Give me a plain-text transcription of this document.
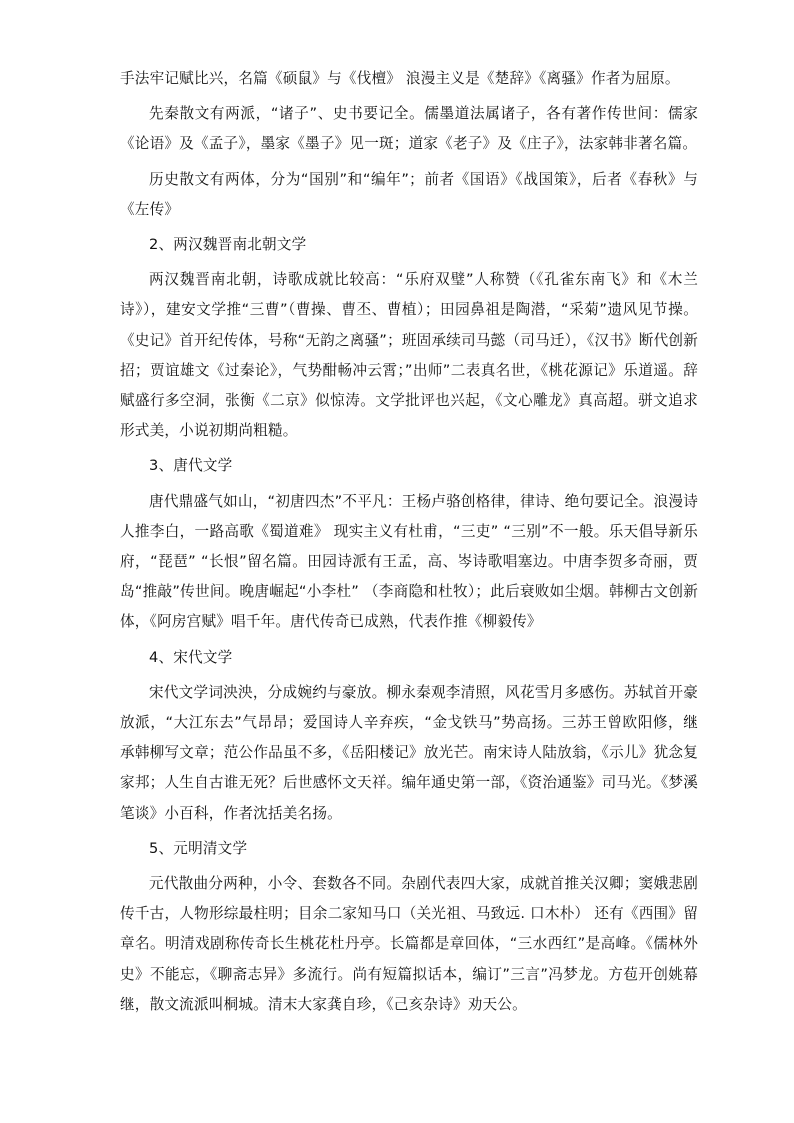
手法牢记赋比兴，名篇《硕鼠》与《伐檀》 浪漫主义是《楚辞》《离骚》作者为屈原。

先秦散文有两派，“诸子”、史书要记全。儒墨道法属诸子，各有著作传世间：儒家《论语》及《孟子》，墨家《墨子》见一斑；道家《老子》及《庄子》，法家韩非著名篇。

历史散文有两体，分为“国别”和“编年”；前者《国语》《战国策》，后者《春秋》与《左传》

2、两汉魏晋南北朝文学

两汉魏晋南北朝，诗歌成就比较高：“乐府双璧”人称赞（《孔雀东南飞》和《木兰诗》），建安文学推“三曹”（曹操、曹丕、曹植）；田园鼻祖是陶潜，“采菊”遗风见节操。《史记》首开纪传体，号称“无韵之离骚”；班固承续司马懿（司马迁），《汉书》断代创新招；贾谊雄文《过秦论》，气势酣畅冲云霄；”出师”二表真名世，《桃花源记》乐道遥。辞赋盛行多空洞，张衡《二京》似惊涛。文学批评也兴起，《文心雕龙》真高超。骈文追求形式美，小说初期尚粗糙。

3、唐代文学

唐代鼎盛气如山，“初唐四杰”不平凡：王杨卢骆创格律，律诗、绝句要记全。浪漫诗人推李白，一路高歌《蜀道难》 现实主义有杜甫，“三吏” “三别”不一般。乐天倡导新乐府，“琵琶” “长恨”留名篇。田园诗派有王孟，高、岑诗歌唱塞边。中唐李贺多奇丽，贾岛“推敲”传世间。晚唐崛起“小李杜” （李商隐和杜牧）；此后衰败如尘烟。韩柳古文创新体，《阿房宫赋》唱千年。唐代传奇已成熟，代表作推《柳毅传》

4、宋代文学

宋代文学词泱泱，分成婉约与豪放。柳永秦观李清照，风花雪月多感伤。苏轼首开豪放派，“大江东去”气昂昂；爱国诗人辛弃疾，“金戈铁马”势高扬。三苏王曾欧阳修，继承韩柳写文章；范公作品虽不多，《岳阳楼记》放光芒。南宋诗人陆放翁，《示儿》犹念复家邦；人生自古谁无死？后世感怀文天祥。编年通史第一部，《资治通鉴》司马光。《梦溪笔谈》小百科，作者沈括美名扬。

5、元明清文学

元代散曲分两种，小令、套数各不同。杂剧代表四大家，成就首推关汉卿；窦娥悲剧传千古，人物形综最柱明；目余二家知马口（关光祖、马致远. 口木朴） 还有《西围》留章名。明清戏剧称传奇长生桃花杜丹亭。长篇都是章回体，“三水西红”是高峰。《儒林外史》不能忘，《聊斋志异》多流行。尚有短篇拟话本，编订”三言”冯梦龙。方苞开创姚幕继，散文流派叫桐城。清末大家龚自珍，《己亥杂诗》劝天公。
